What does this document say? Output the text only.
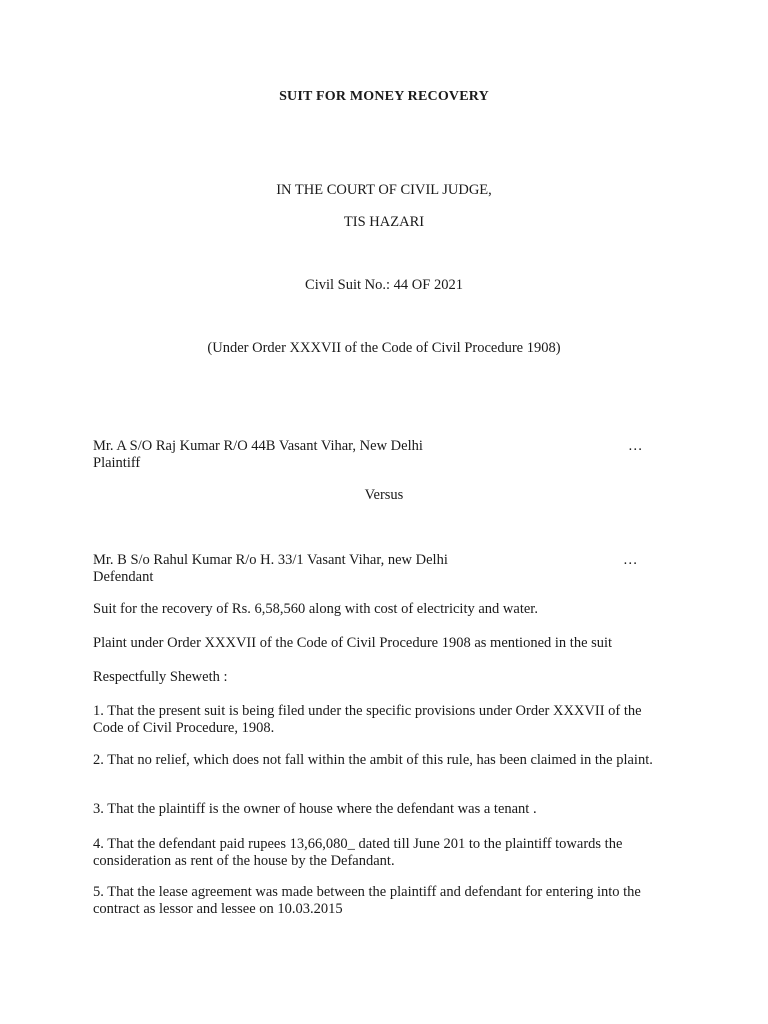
SUIT FOR MONEY RECOVERY
IN THE COURT OF CIVIL JUDGE,
TIS HAZARI
Civil Suit No.: 44 OF 2021
(Under Order XXXVII of the Code of Civil Procedure 1908)
Mr. A S/O Raj Kumar R/O 44B Vasant Vihar, New Delhi	…
Plaintiff
Versus
Mr. B S/o Rahul Kumar R/o H. 33/1 Vasant Vihar, new Delhi	…
Defendant
Suit for the recovery of Rs. 6,58,560 along with cost of electricity and water.
Plaint under Order XXXVII of the Code of Civil Procedure 1908 as mentioned in the suit
Respectfully Sheweth :
1. That the present suit is being filed under the specific provisions under Order XXXVII of the Code of Civil Procedure, 1908.
2. That no relief, which does not fall within the ambit of this rule, has been claimed in the plaint.
3. That the plaintiff is the owner of house where the defendant was a tenant .
4. That the defendant paid rupees 13,66,080_ dated till June 201 to the plaintiff towards the consideration as rent of the house by the Defandant.
5. That the lease agreement was made between the plaintiff and defendant for entering into the contract as lessor and lessee on 10.03.2015
